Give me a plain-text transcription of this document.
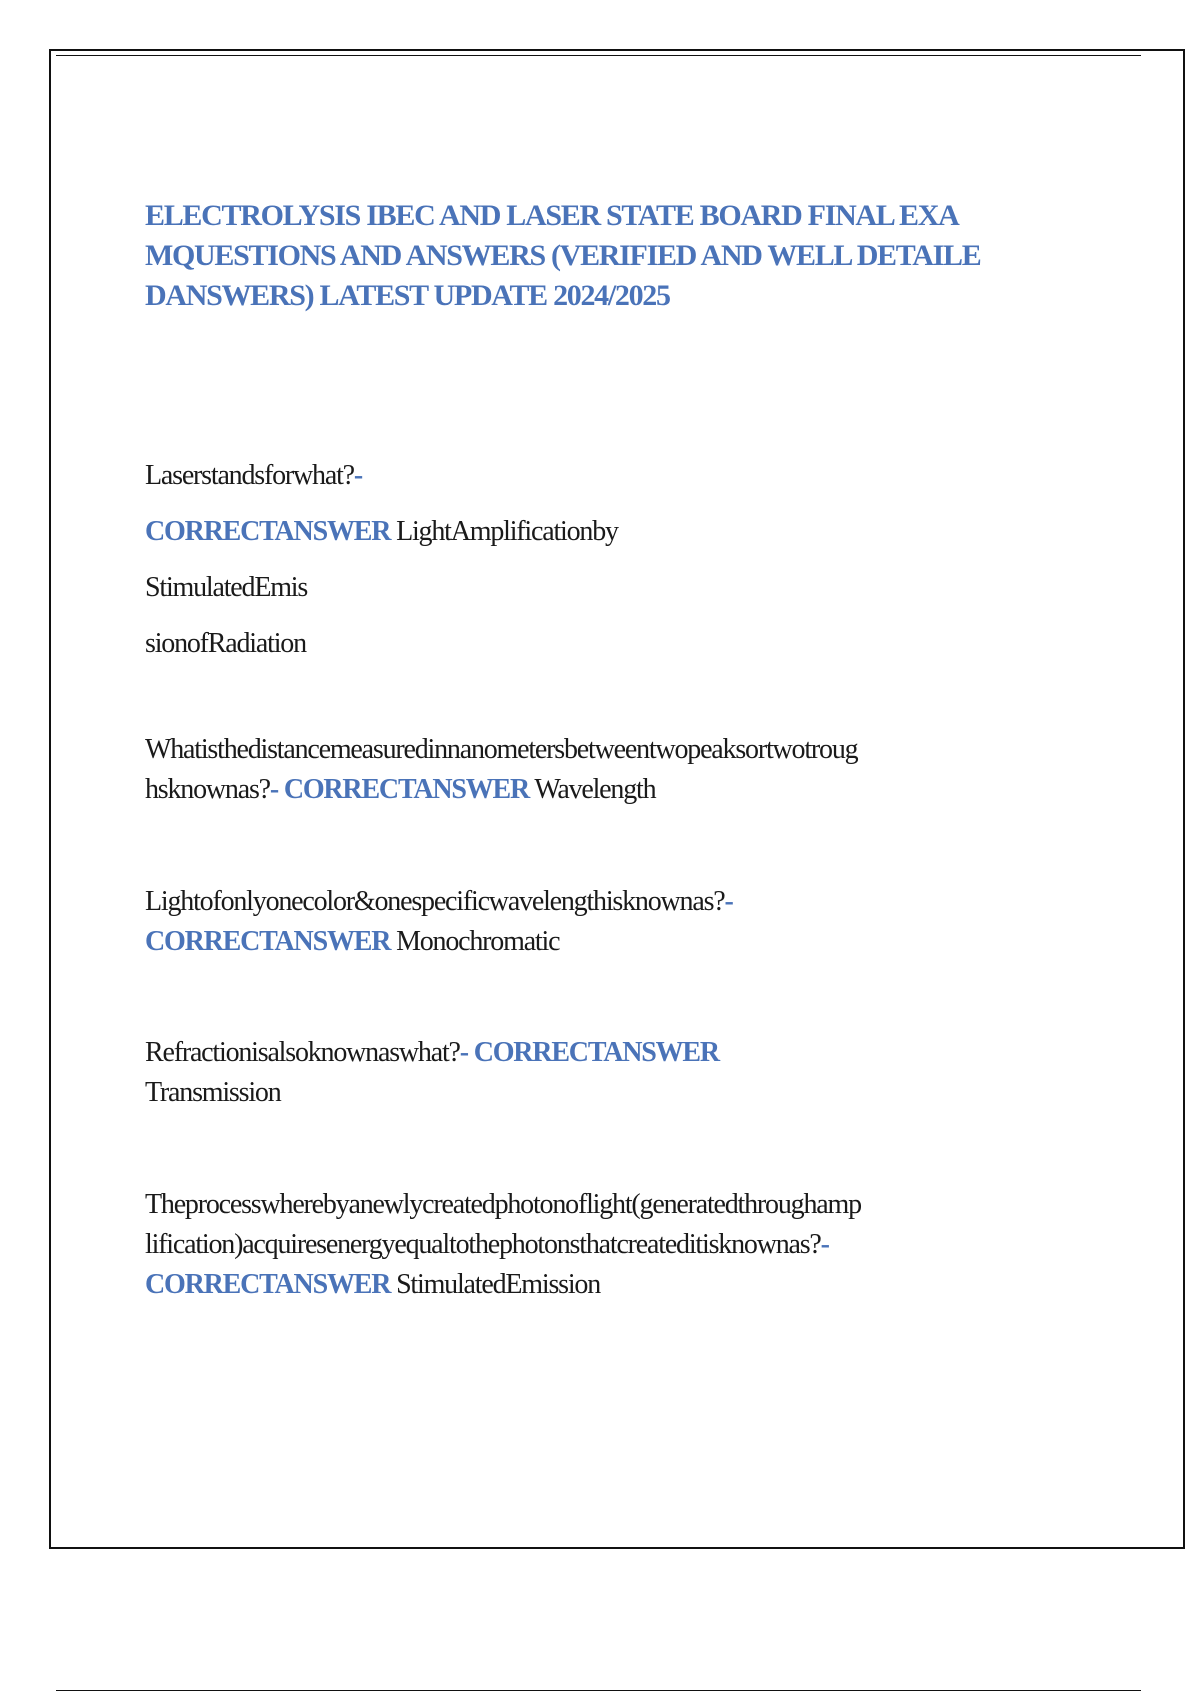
ELECTROLYSIS IBEC AND LASER STATE BOARD FINAL EXA
MQUESTIONS AND ANSWERS (VERIFIED AND WELL DETAILE
DANSWERS) LATEST UPDATE 2024/2025
Laserstandsforwhat?-
CORRECTANSWER LightAmplificationby
StimulatedEmis
sionofRadiation
Whatisthedistancemeasuredinnanometersbetweentwopeaksortwotroug
hsknownas?- CORRECTANSWER Wavelength
Lightofonlyonecolor&onespecificwavelengthisknownas?-
CORRECTANSWER Monochromatic
Refractionisalsoknownaswhat?- CORRECTANSWER
Transmission
Theprocesswherebyanewlycreatedphotonoflight(generatedthroughamp
lification)acquiresenergyequaltothephotonsthatcreateditisknownas?-
CORRECTANSWER StimulatedEmission
